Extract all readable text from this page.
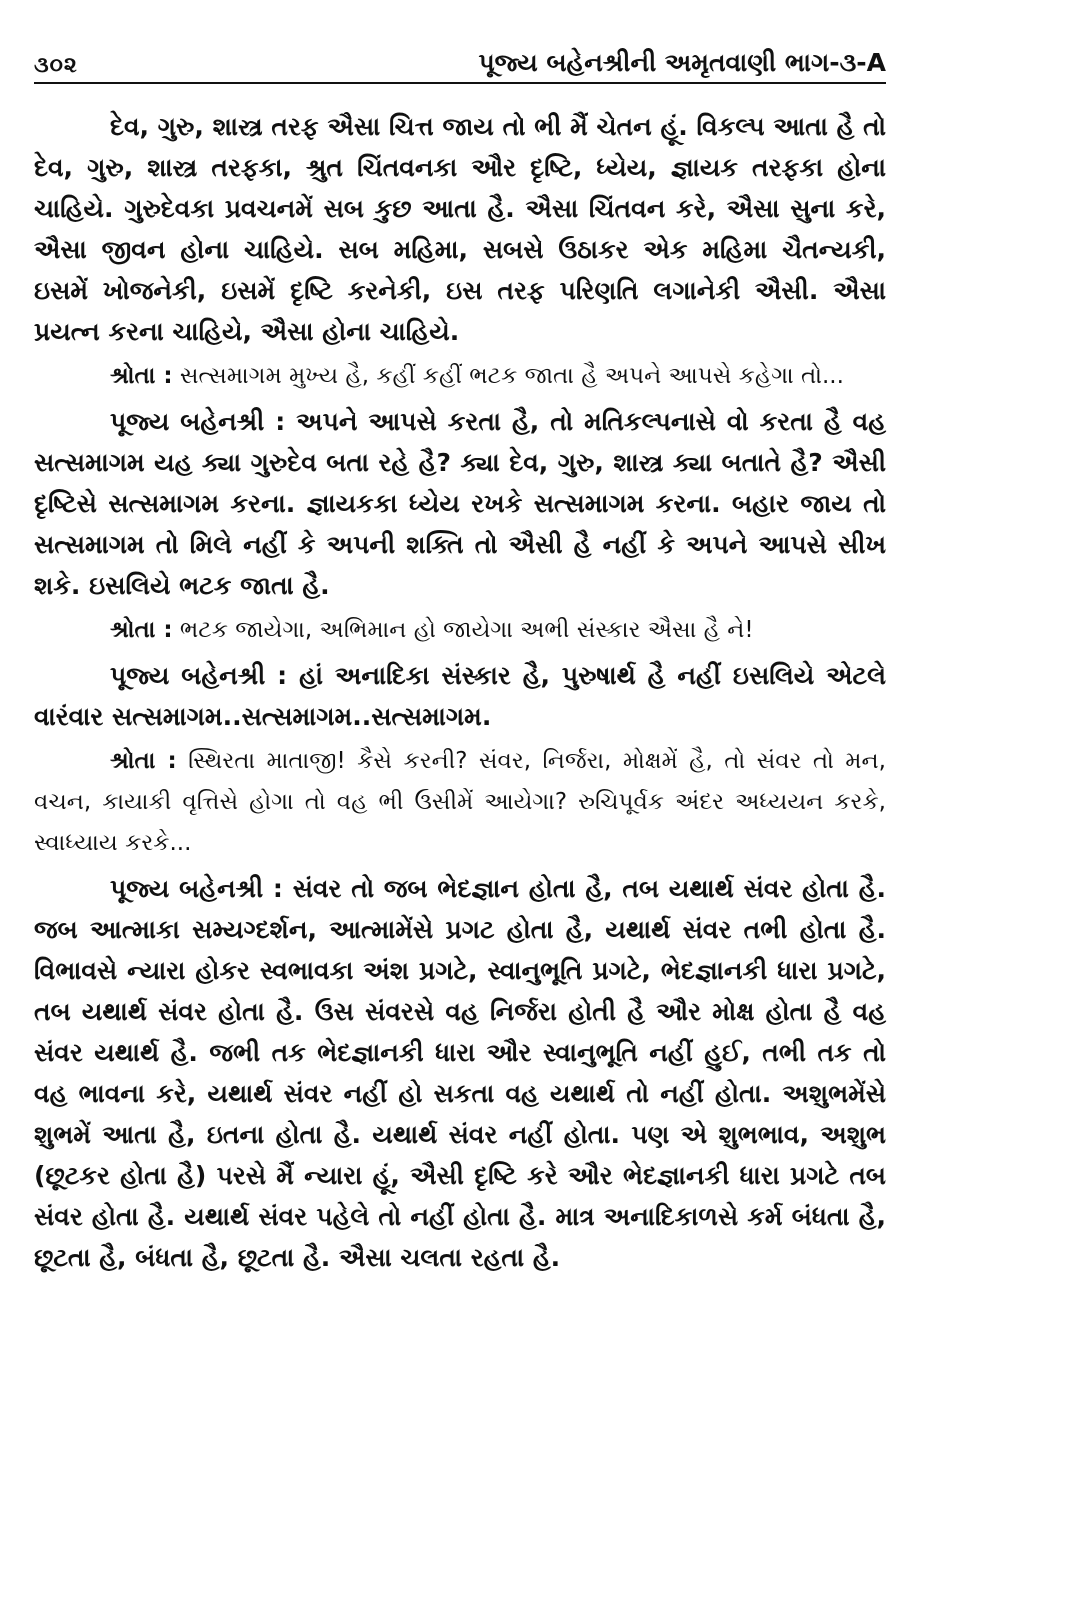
૩૦૨	પૂજ્ય બહેનશ્રીની અમૃતવાણી ભાગ-૩-A

દેવ, ગુરુ, શાસ્ત્ર તરફ ઐસા ચિત્ત જાય તો ભી મૈં ચેતન હૂં. વિકલ્પ આતા હૈ તો દેવ, ગુરુ, શાસ્ત્ર તરફકા, શ્રુત ચિંતવનકા ઔર દૃષ્ટિ, ધ્યેય, જ્ઞાયક તરફકા હોના ચાહિયે. ગુરુદેવકા પ્રવચનમેં સબ કુછ આતા હૈ. ઐસા ચિંતવન કરે, ઐસા સુના કરે, ઐસા જીવન હોના ચાહિયે. સબ મહિમા, સબસે ઉઠાકર એક મહિમા ચૈતન્યકી, ઇસમેં ખોજનેકી, ઇસમેં દૃષ્ટિ કરનેકી, ઇસ તરફ પરિણતિ લગાનેકી ઐસી. ઐસા પ્રયત્ન કરના ચાહિયે, ઐસા હોના ચાહિયે.

શ્રોતા : સત્સમાગમ મુખ્ય હૈ, કહીં કહીં ભટક જાતા હૈ અપને આપસે કહેગા તો...

પૂજ્ય બહેનશ્રી : અપને આપસે કરતા હૈ, તો મતિકલ્પનાસે વો કરતા હૈ વહ સત્સમાગમ યહ ક્યા ગુરુદેવ બતા રહે હૈ? ક્યા દેવ, ગુરુ, શાસ્ત્ર ક્યા બતાતે હૈ? ઐસી દૃષ્ટિસે સત્સમાગમ કરના. જ્ઞાયકકા ધ્યેય રખકે સત્સમાગમ કરના. બહાર જાય તો સત્સમાગમ તો મિલે નહીં કે અપની શક્તિ તો ઐસી હૈ નહીં કે અપને આપસે સીખ શકે. ઇસલિયે ભટક જાતા હૈ.

શ્રોતા : ભટક જાયેગા, અભિમાન હો જાયેગા અભી સંસ્કાર ઐસા હૈ ને!

પૂજ્ય બહેનશ્રી : હાં અનાદિકા સંસ્કાર હૈ, પુરુષાર્થ હૈ નહીં ઇસલિયે એટલે વારંવાર સત્સમાગમ..સત્સમાગમ..સત્સમાગમ.

શ્રોતા : સ્થિરતા માતાજી! કૈસે કરની? સંવર, નિર્જરા, મોક્ષમેં હૈ, તો સંવર તો મન, વચન, કાયાકી વૃત્તિસે હોગા તો વહ ભી ઉસીમેં આયેગા? રુચિપૂર્વક અંદર અધ્યયન કરકે, સ્વાધ્યાય કરકે...

પૂજ્ય બહેનશ્રી : સંવર તો જબ ભેદજ્ઞાન હોતા હૈ, તબ યથાર્થ સંવર હોતા હૈ. જબ આત્માકા સમ્યગ્દર્શન, આત્મામેંસે પ્રગટ હોતા હૈ, યથાર્થ સંવર તભી હોતા હૈ. વિભાવસે ન્યારા હોકર સ્વભાવકા અંશ પ્રગટે, સ્વાનુભૂતિ પ્રગટે, ભેદજ્ઞાનકી ધારા પ્રગટે, તબ યથાર્થ સંવર હોતા હૈ. ઉસ સંવરસે વહ નિર્જરા હોતી હૈ ઔર મોક્ષ હોતા હૈ વહ સંવર યથાર્થ હૈ. જભી તક ભેદજ્ઞાનકી ધારા ઔર સ્વાનુભૂતિ નહીં હુઈ, તભી તક તો વહ ભાવના કરે, યથાર્થ સંવર નહીં હો સકતા વહ યથાર્થ તો નહીં હોતા. અશુભમેંસે શુભમેં આતા હૈ, ઇતના હોતા હૈ. યથાર્થ સંવર નહીં હોતા. પણ એ શુભભાવ, અશુભ (છૂટકર હોતા હૈ) પરસે મૈં ન્યારા હૂં, ઐસી દૃષ્ટિ કરે ઔર ભેદજ્ઞાનકી ધારા પ્રગટે તબ સંવર હોતા હૈ. યથાર્થ સંવર પહેલે તો નહીં હોતા હૈ. માત્ર અનાદિકાળસે કર્મ બંધતા હૈ, છૂટતા હૈ, બંધતા હૈ, છૂટતા હૈ. ઐસા ચલતા રહતા હૈ.
